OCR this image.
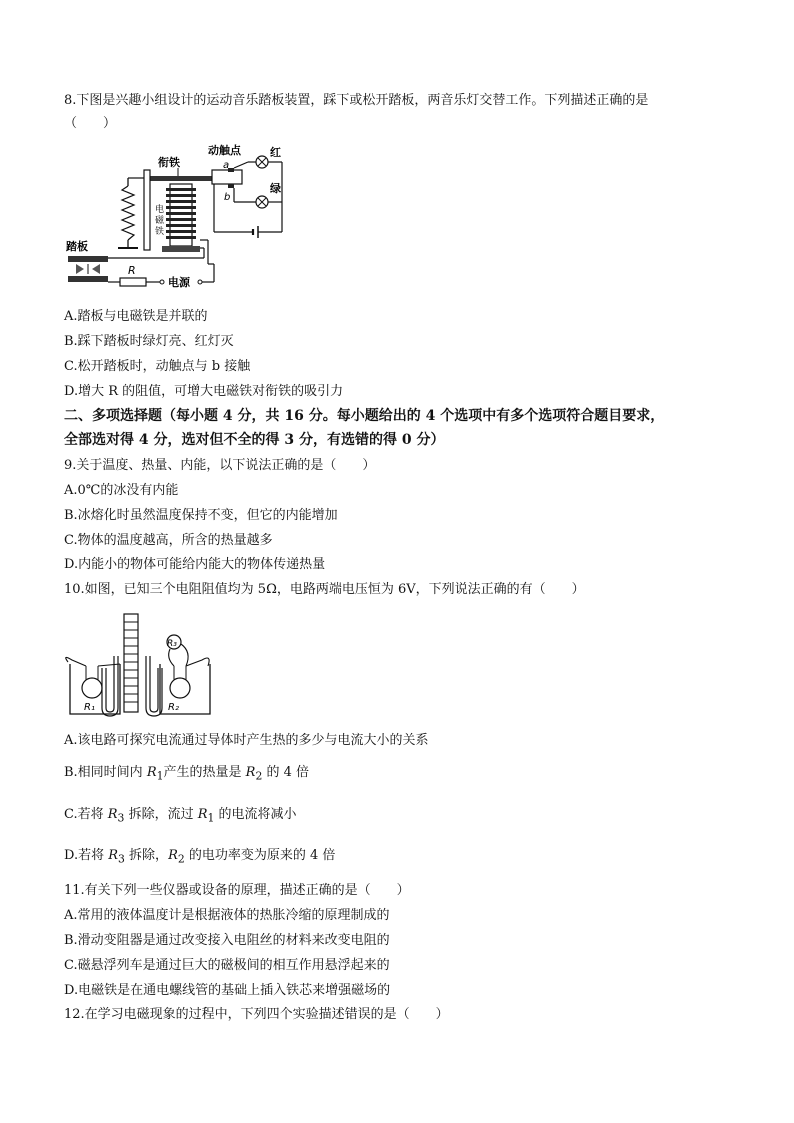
8.下图是兴趣小组设计的运动音乐踏板装置，踩下或松开踏板，两音乐灯交替工作。下列描述正确的是
（　　）
电
磁
铁
衔铁
动触点
a
b
红
绿
踏板
R
电源
A.踏板与电磁铁是并联的
B.踩下踏板时绿灯亮、红灯灭
C.松开踏板时，动触点与 b 接触
D.增大 R 的阻值，可增大电磁铁对衔铁的吸引力
二、多项选择题（每小题 4 分，共 16 分。每小题给出的 4 个选项中有多个选项符合题目要求，
全部选对得 4 分，选对但不全的得 3 分，有选错的得 0 分）
9.关于温度、热量、内能，以下说法正确的是（　　）
A.0℃的冰没有内能
B.冰熔化时虽然温度保持不变，但它的内能增加
C.物体的温度越高，所含的热量越多
D.内能小的物体可能给内能大的物体传递热量
10.如图，已知三个电阻阻值均为 5Ω，电路两端电压恒为 6V，下列说法正确的有（　　）
R₁	R₂
R₃
A.该电路可探究电流通过导体时产生热的多少与电流大小的关系
B.相同时间内 $R_1$产生的热量是 $R_2$ 的 4 倍
C.若将 $R_3$ 拆除，流过 $R_1$ 的电流将减小
D.若将 $R_3$ 拆除，$R_2$ 的电功率变为原来的 4 倍
11.有关下列一些仪器或设备的原理，描述正确的是（　　）
A.常用的液体温度计是根据液体的热胀冷缩的原理制成的
B.滑动变阻器是通过改变接入电阻丝的材料来改变电阻的
C.磁悬浮列车是通过巨大的磁极间的相互作用悬浮起来的
D.电磁铁是在通电螺线管的基础上插入铁芯来增强磁场的
12.在学习电磁现象的过程中，下列四个实验描述错误的是（　　）
